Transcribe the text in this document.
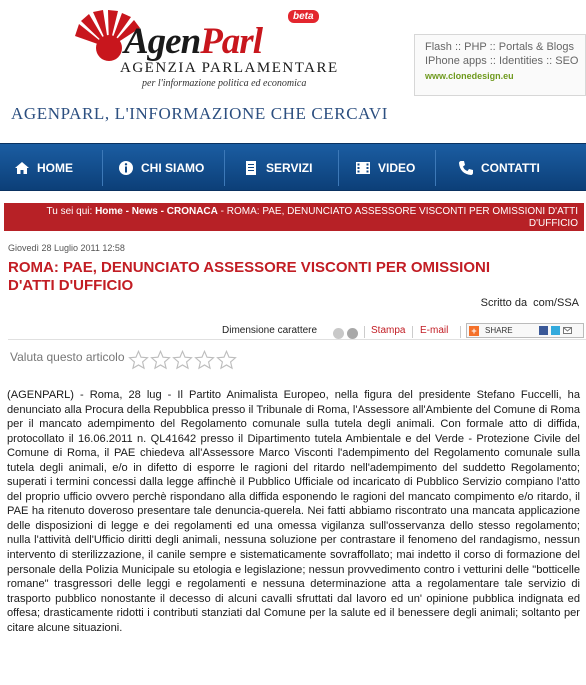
AgenParl
beta
AGENZIA PARLAMENTARE
per l'informazione politica ed economica
Flash :: PHP :: Portals & Blogs
IPhone apps :: Identities :: SEO
www.clonedesign.eu
AGENPARL, L'INFORMAZIONE CHE CERCAVI
HOME	CHI SIAMO	SERVIZI	VIDEO	CONTATTI
Tu sei qui: Home - News - CRONACA - ROMA: PAE, DENUNCIATO ASSESSORE VISCONTI PER OMISSIONI D'ATTI
D'UFFICIO
Giovedì 28 Luglio 2011 12:58
ROMA: PAE, DENUNCIATO ASSESSORE VISCONTI PER OMISSIONI
D'ATTI D'UFFICIO
Scritto da com/SSA
Dimensione carattere	Stampa E-mail	+ SHARE
Valuta questo articolo
(AGENPARL) - Roma, 28 lug - Il Partito Animalista Europeo, nella figura del presidente Stefano Fuccelli, ha denunciato alla Procura della Repubblica presso il Tribunale di Roma, l'Assessore all'Ambiente del Comune di Roma per il mancato adempimento del Regolamento comunale sulla tutela degli animali. Con formale atto di diffida, protocollato il 16.06.2011 n. QL41642 presso il Dipartimento tutela Ambientale e del Verde - Protezione Civile del Comune di Roma, il PAE chiedeva all'Assessore Marco Visconti l'adempimento del Regolamento comunale sulla tutela degli animali, e/o in difetto di esporre le ragioni del ritardo nell'adempimento del suddetto Regolamento; superati i termini concessi dalla legge affinchè il Pubblico Ufficiale od incaricato di Pubblico Servizio compiano l'atto del proprio ufficio ovvero perchè rispondano alla diffida esponendo le ragioni del mancato compimento e/o ritardo, il PAE ha ritenuto doveroso presentare tale denuncia-querela. Nei fatti abbiamo riscontrato una mancata applicazione delle disposizioni di legge e dei regolamenti ed una omessa vigilanza sull'osservanza dello stesso regolamento; nulla l'attività dell'Ufficio diritti degli animali, nessuna soluzione per contrastare il fenomeno del randagismo, nessun intervento di sterilizzazione, il canile sempre e sistematicamente sovraffollato; mai indetto il corso di formazione del personale della Polizia Municipale su etologia e legislazione; nessun provvedimento contro i vetturini delle "botticelle romane" trasgressori delle leggi e regolamenti e nessuna determinazione atta a regolamentare tale servizio di trasporto pubblico nonostante il decesso di alcuni cavalli sfruttati dal lavoro ed un' opinione pubblica indignata ed offesa; drasticamente ridotti i contributi stanziati dal Comune per la salute ed il benessere degli animali; soltanto per citare alcune situazioni.
